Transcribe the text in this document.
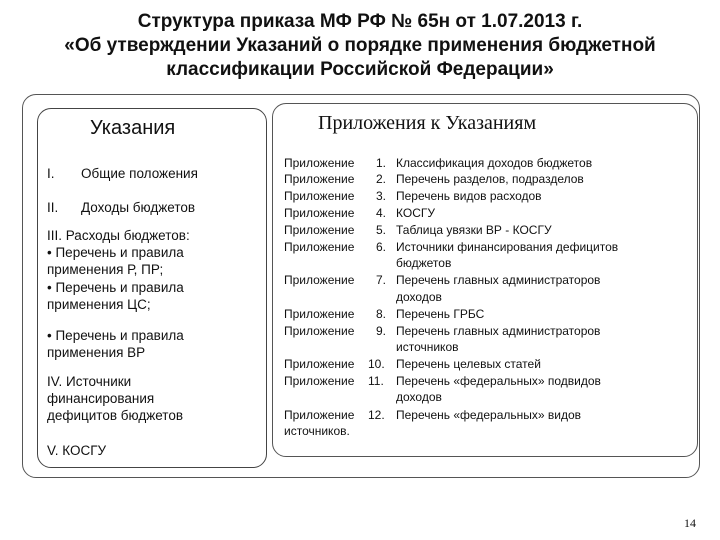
Структура приказа МФ РФ № 65н от 1.07.2013 г.
«Об утверждении Указаний о порядке применения бюджетной
классификации Российской Федерации»
Указания
I. Общие положения
II. Доходы бюджетов
III. Расходы бюджетов:
• Перечень и правила
применения Р, ПР;
• Перечень и правила
применения ЦС;
• Перечень и правила
применения ВР
IV. Источники
финансирования
дефицитов бюджетов
V. КОСГУ
Приложения к Указаниям
Приложение 1. Классификация доходов бюджетов
Приложение 2. Перечень разделов, подразделов
Приложение 3. Перечень видов расходов
Приложение 4. КОСГУ
Приложение 5. Таблица увязки ВР - КОСГУ
Приложение 6. Источники финансирования дефицитов
бюджетов
Приложение 7. Перечень главных администраторов
доходов
Приложение 8. Перечень ГРБС
Приложение 9. Перечень главных администраторов
источников
Приложение 10. Перечень целевых статей
Приложение 11. Перечень «федеральных» подвидов
доходов
Приложение 12. Перечень «федеральных» видов
источников.
14
